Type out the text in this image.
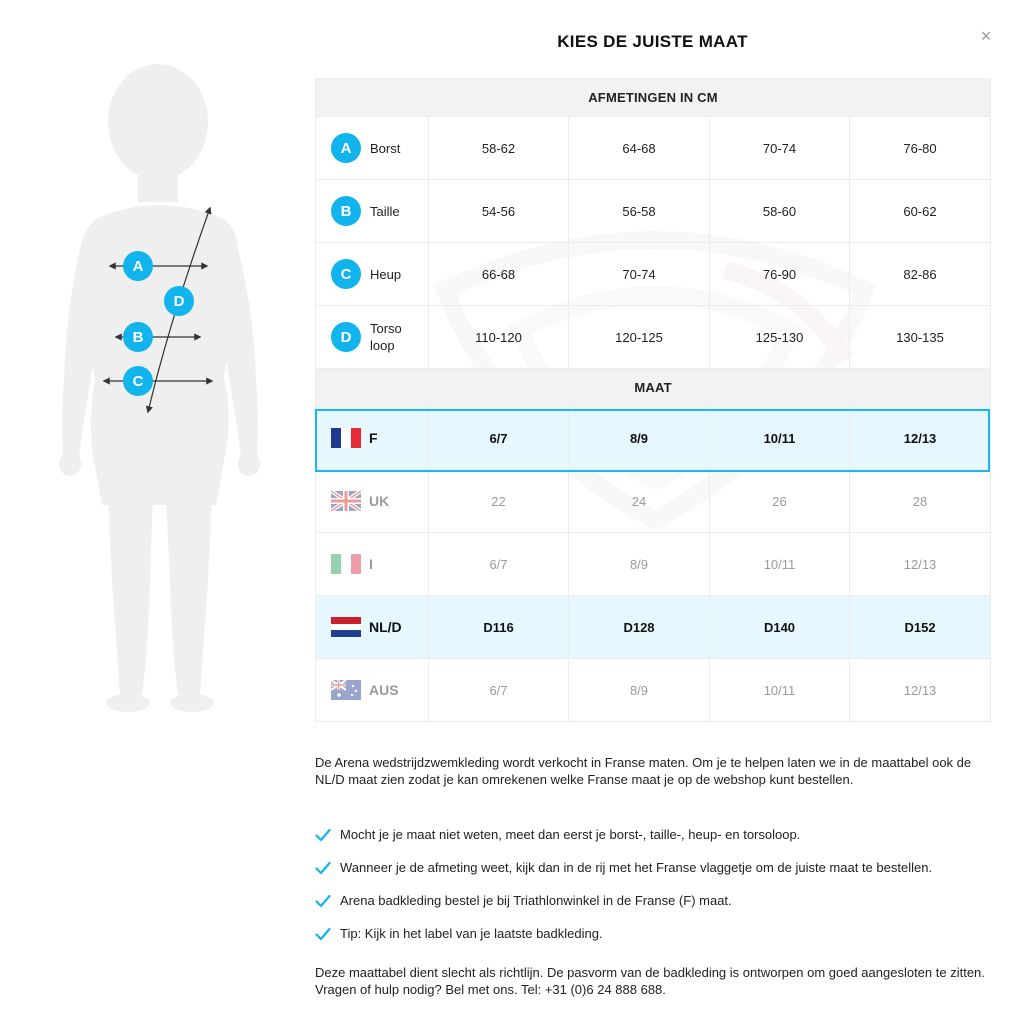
×
KIES DE JUISTE MAAT
A
D
B
C
AFMETINGEN IN CM				

A Borst	58-62	64-68	70-74	76-80

B Taille	54-56	56-58	58-60	60-62

C Heup	66-68	70-74	76-90	82-86

D Torso
loop	110-120	120-125	125-130	130-135
MAAT				

F	6/7	8/9	10/11	12/13

UK	22	24	26	28

I	6/7	8/9	10/11	12/13

NL/D	D116	D128	D140	D152

AUS	6/7	8/9	10/11	12/13

De Arena wedstrijdzwemkleding wordt verkocht in Franse maten. Om je te helpen laten we in de maattabel ook de NL/D maat zien zodat je kan omrekenen welke Franse maat je op de webshop kunt bestellen.

Mocht je je maat niet weten, meet dan eerst je borst-, taille-, heup- en torsoloop.
Wanneer je de afmeting weet, kijk dan in de rij met het Franse vlaggetje om de juiste maat te bestellen.
Arena badkleding bestel je bij Triathlonwinkel in de Franse (F) maat.
Tip: Kijk in het label van je laatste badkleding.

Deze maattabel dient slecht als richtlijn. De pasvorm van de badkleding is ontworpen om goed aangesloten te zitten. Vragen of hulp nodig? Bel met ons. Tel: +31 (0)6 24 888 688.
